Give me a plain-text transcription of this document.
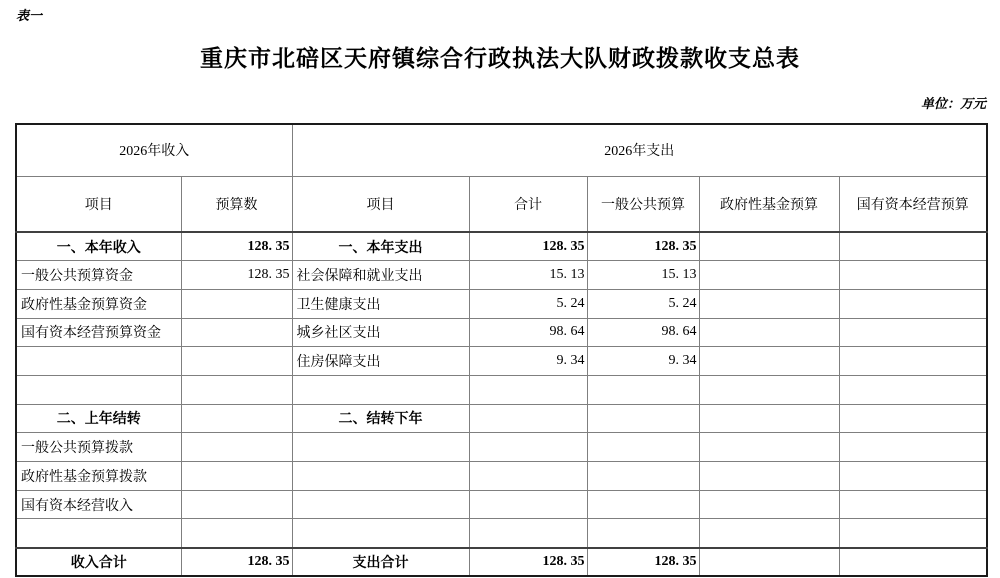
表一
重庆市北碚区天府镇综合行政执法大队财政拨款收支总表
单位：万元
2026年收入		2026年支出				
项目	预算数	项目	合计	一般公共预算	政府性基金预算	国有资本经营预算
一、本年收入	128. 35	一、本年支出	128. 35	128. 35		
一般公共预算资金	128. 35	社会保障和就业支出	15. 13	15. 13		
政府性基金预算资金		卫生健康支出	5. 24	5. 24		
国有资本经营预算资金		城乡社区支出	98. 64	98. 64		
		住房保障支出	9. 34	9. 34		

二、上年结转		二、结转下年				
一般公共预算拨款						
政府性基金预算拨款						
国有资本经营收入						

收入合计	128. 35	支出合计	128. 35	128. 35		
